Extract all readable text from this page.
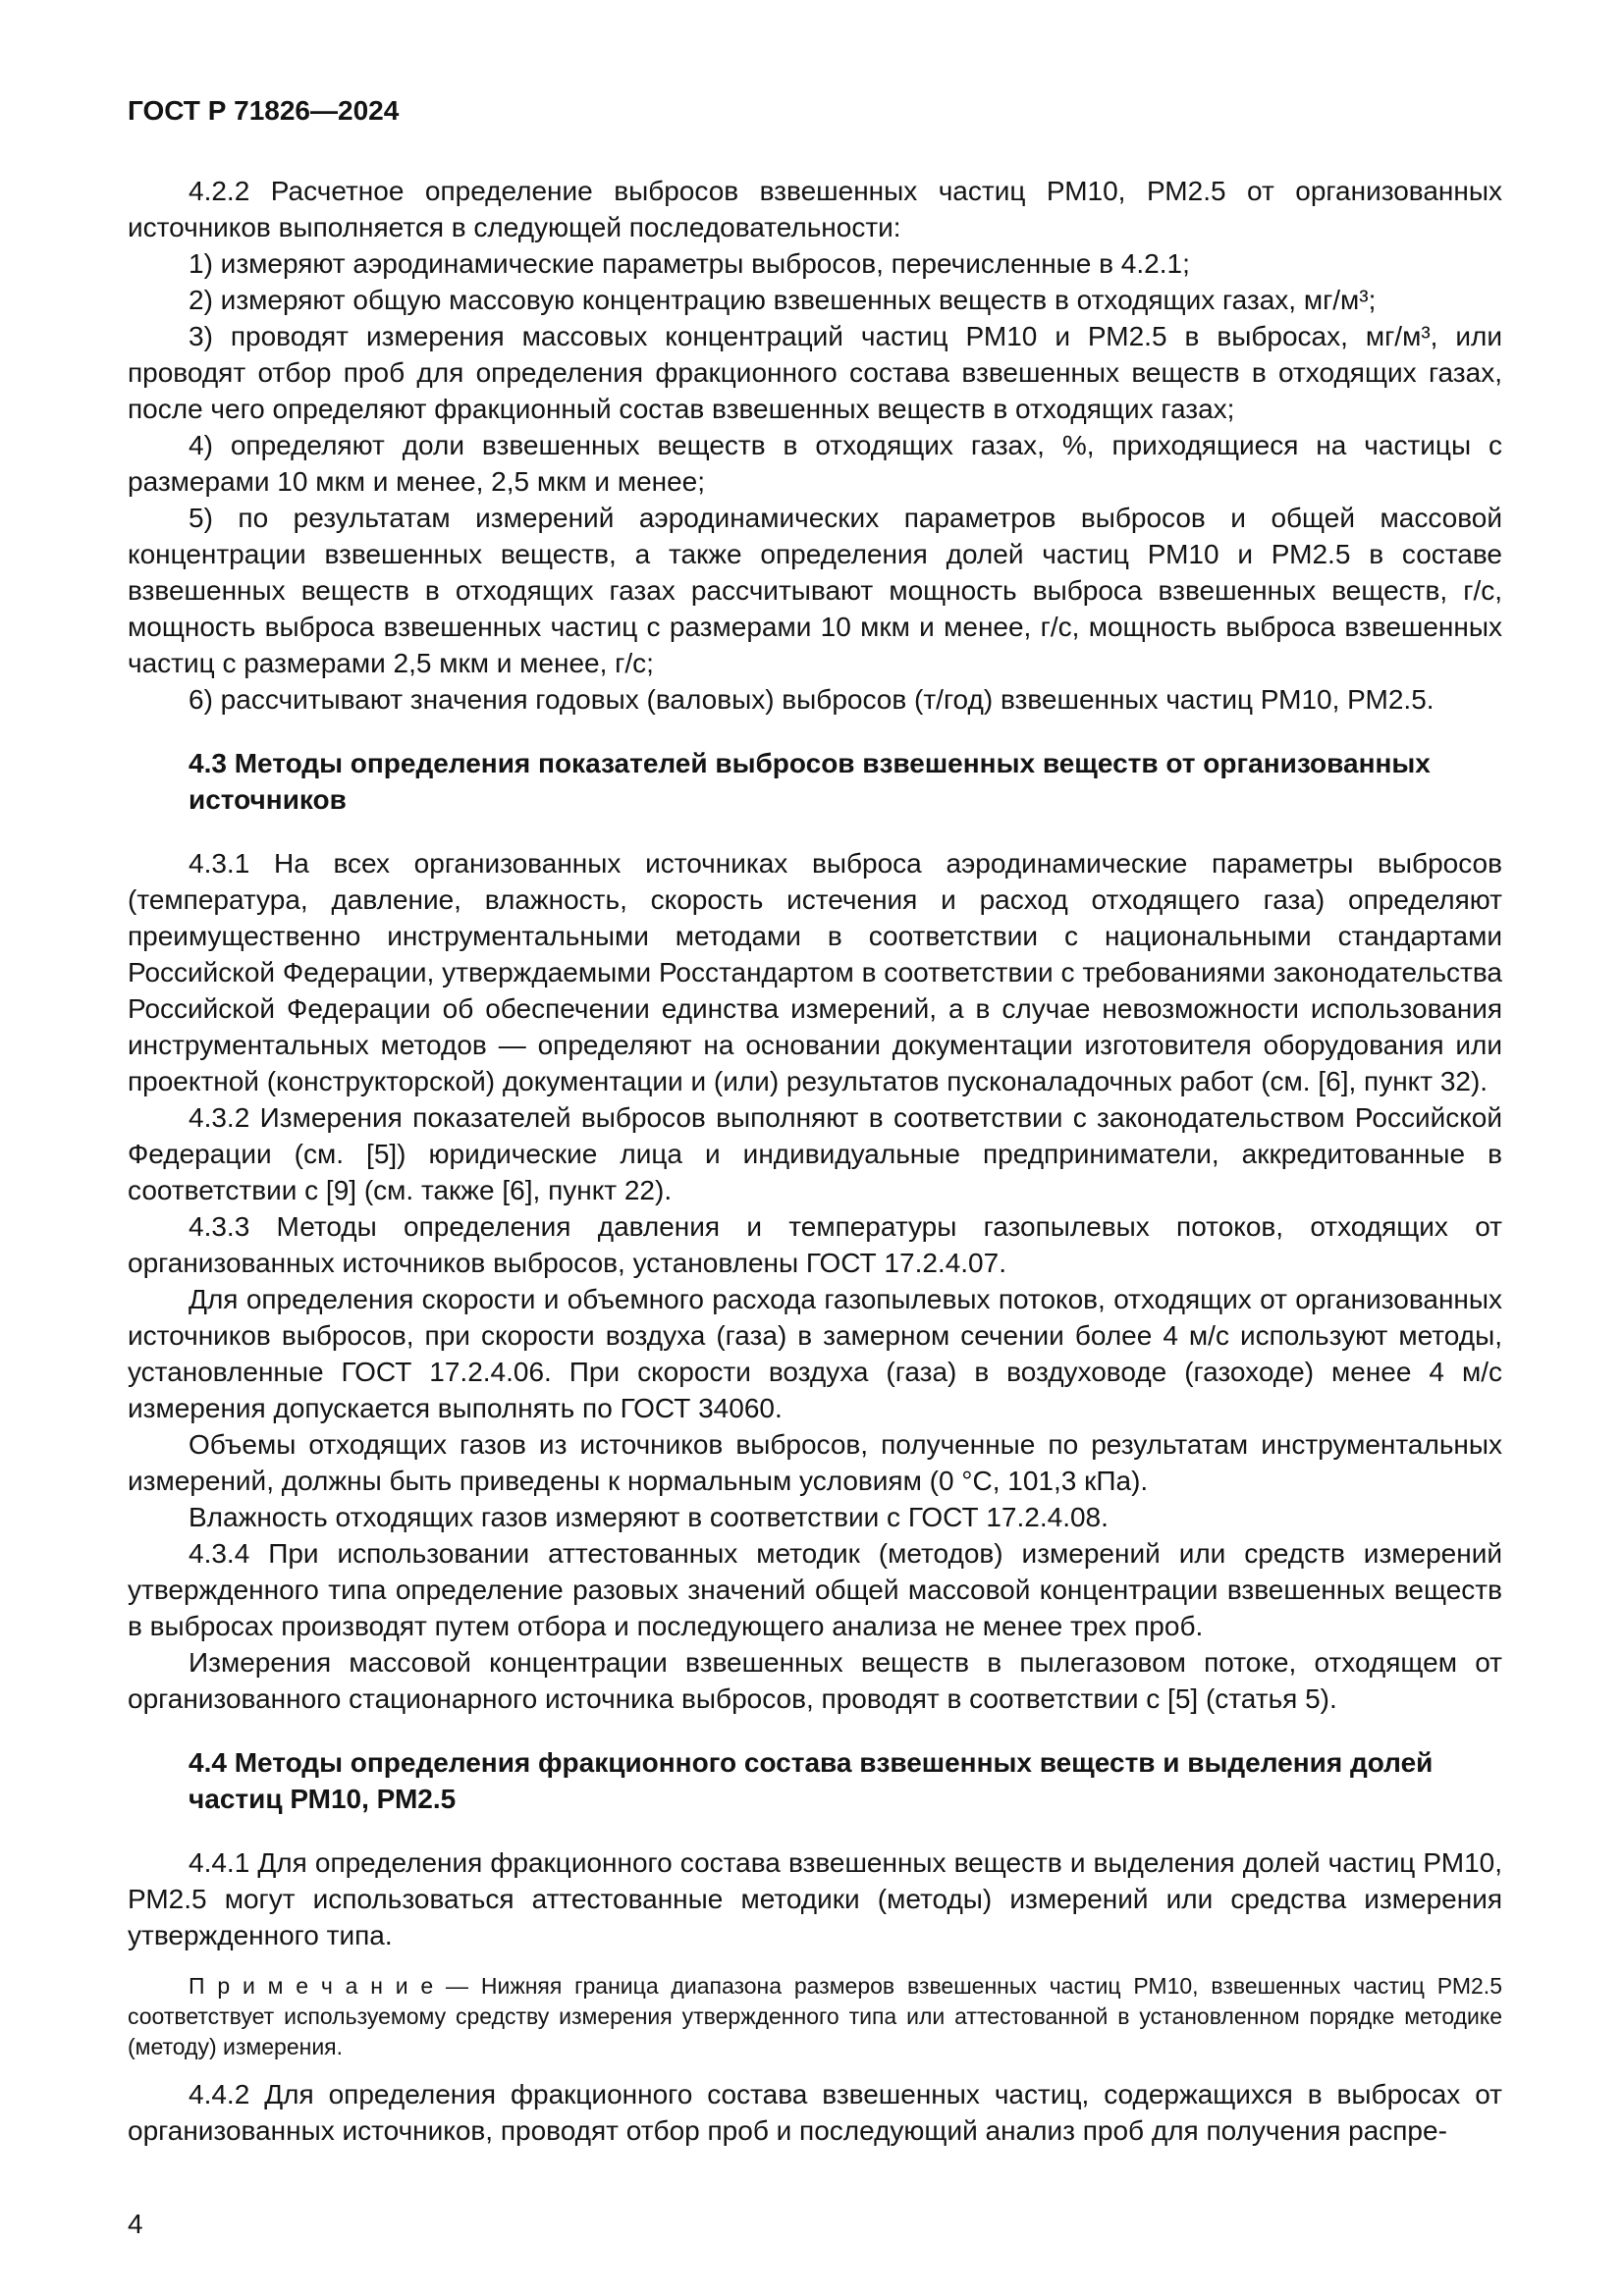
ГОСТ Р 71826—2024

4.2.2 Расчетное определение выбросов взвешенных частиц РМ10, РМ2.5 от организованных источников выполняется в следующей последовательности:

1) измеряют аэродинамические параметры выбросов, перечисленные в 4.2.1;

2) измеряют общую массовую концентрацию взвешенных веществ в отходящих газах, мг/м³;

3) проводят измерения массовых концентраций частиц РМ10 и РМ2.5 в выбросах, мг/м³, или проводят отбор проб для определения фракционного состава взвешенных веществ в отходящих газах, после чего определяют фракционный состав взвешенных веществ в отходящих газах;

4) определяют доли взвешенных веществ в отходящих газах, %, приходящиеся на частицы с размерами 10 мкм и менее, 2,5 мкм и менее;

5) по результатам измерений аэродинамических параметров выбросов и общей массовой концентрации взвешенных веществ, а также определения долей частиц РМ10 и РМ2.5 в составе взвешенных веществ в отходящих газах рассчитывают мощность выброса взвешенных веществ, г/с, мощность выброса взвешенных частиц с размерами 10 мкм и менее, г/с, мощность выброса взвешенных частиц с размерами 2,5 мкм и менее, г/с;

6) рассчитывают значения годовых (валовых) выбросов (т/год) взвешенных частиц РМ10, РМ2.5.

4.3 Методы определения показателей выбросов взвешенных веществ от организованных источников

4.3.1 На всех организованных источниках выброса аэродинамические параметры выбросов (температура, давление, влажность, скорость истечения и расход отходящего газа) определяют преимущественно инструментальными методами в соответствии с национальными стандартами Российской Федерации, утверждаемыми Росстандартом в соответствии с требованиями законодательства Российской Федерации об обеспечении единства измерений, а в случае невозможности использования инструментальных методов — определяют на основании документации изготовителя оборудования или проектной (конструкторской) документации и (или) результатов пусконаладочных работ (см. [6], пункт 32).

4.3.2 Измерения показателей выбросов выполняют в соответствии с законодательством Российской Федерации (см. [5]) юридические лица и индивидуальные предприниматели, аккредитованные в соответствии с [9] (см. также [6], пункт 22).

4.3.3 Методы определения давления и температуры газопылевых потоков, отходящих от организованных источников выбросов, установлены ГОСТ 17.2.4.07.

Для определения скорости и объемного расхода газопылевых потоков, отходящих от организованных источников выбросов, при скорости воздуха (газа) в замерном сечении более 4 м/с используют методы, установленные ГОСТ 17.2.4.06. При скорости воздуха (газа) в воздуховоде (газоходе) менее 4 м/с измерения допускается выполнять по ГОСТ 34060.

Объемы отходящих газов из источников выбросов, полученные по результатам инструментальных измерений, должны быть приведены к нормальным условиям (0 °С, 101,3 кПа).

Влажность отходящих газов измеряют в соответствии с ГОСТ 17.2.4.08.

4.3.4 При использовании аттестованных методик (методов) измерений или средств измерений утвержденного типа определение разовых значений общей массовой концентрации взвешенных веществ в выбросах производят путем отбора и последующего анализа не менее трех проб.

Измерения массовой концентрации взвешенных веществ в пылегазовом потоке, отходящем от организованного стационарного источника выбросов, проводят в соответствии с [5] (статья 5).

4.4 Методы определения фракционного состава взвешенных веществ и выделения долей частиц РМ10, РМ2.5

4.4.1 Для определения фракционного состава взвешенных веществ и выделения долей частиц РМ10, РМ2.5 могут использоваться аттестованные методики (методы) измерений или средства измерения утвержденного типа.

П р и м е ч а н и е — Нижняя граница диапазона размеров взвешенных частиц РМ10, взвешенных частиц РМ2.5 соответствует используемому средству измерения утвержденного типа или аттестованной в установленном порядке методике (методу) измерения.

4.4.2 Для определения фракционного состава взвешенных частиц, содержащихся в выбросах от организованных источников, проводят отбор проб и последующий анализ проб для получения распре-

4
